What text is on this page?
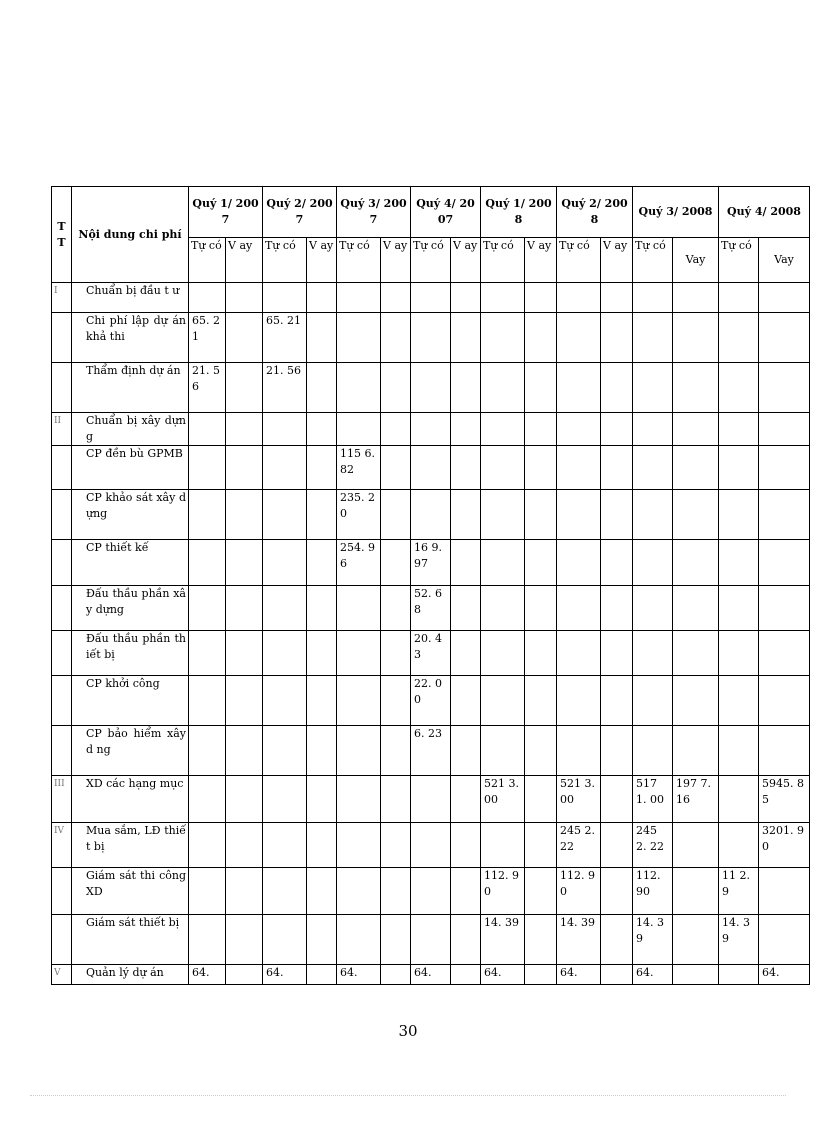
T T	Nội dung chi phí	Quý 1/ 2007		Quý 2/ 2007		Quý 3/ 2007		Quý 4/ 2007		Quý 1/ 2008		Quý 2/ 2008		Quý 3/ 2008		Quý 4/ 2008	
		Tự có	V ay	Tự có	V ay	Tự có	V ay	Tự có	V ay	Tự có	V ay	Tự có	V ay	Tự có	Vay	Tự có	Vay
I	Chuẩn bị đầu t ư																
	Chi phí lập dự án khả thi	65. 21		65. 21													
	Thẩm định dự án	21. 56		21. 56													
II	Chuẩn bị xây dựng																
	CP đền bù GPMB					115 6. 82											
	CP khảo sát xây dựng					235. 20											
	CP thiết kế					254. 96		16 9.97									
	Đấu thầu phần xây dựng							52. 68									
	Đấu thầu phần thiết bị							20. 43									
	CP khởi công							22. 00									
	CP bảo hiểm xây d ng							6. 23									
III	XD các hạng mục									521 3. 00		521 3. 00		517 1. 00	197 7. 16		5945. 85
IV	Mua sắm, LĐ thiết bị											245 2. 22		245 2. 22			3201. 90
	Giám sát thi công XD									112. 90		112. 90		112. 90		11 2. 9	
	Giám sát thiết bị									14. 39		14. 39		14. 39		14. 39	
V	Quản lý dự án	64.		64.		64.		64.		64.		64.		64.			64.
30
